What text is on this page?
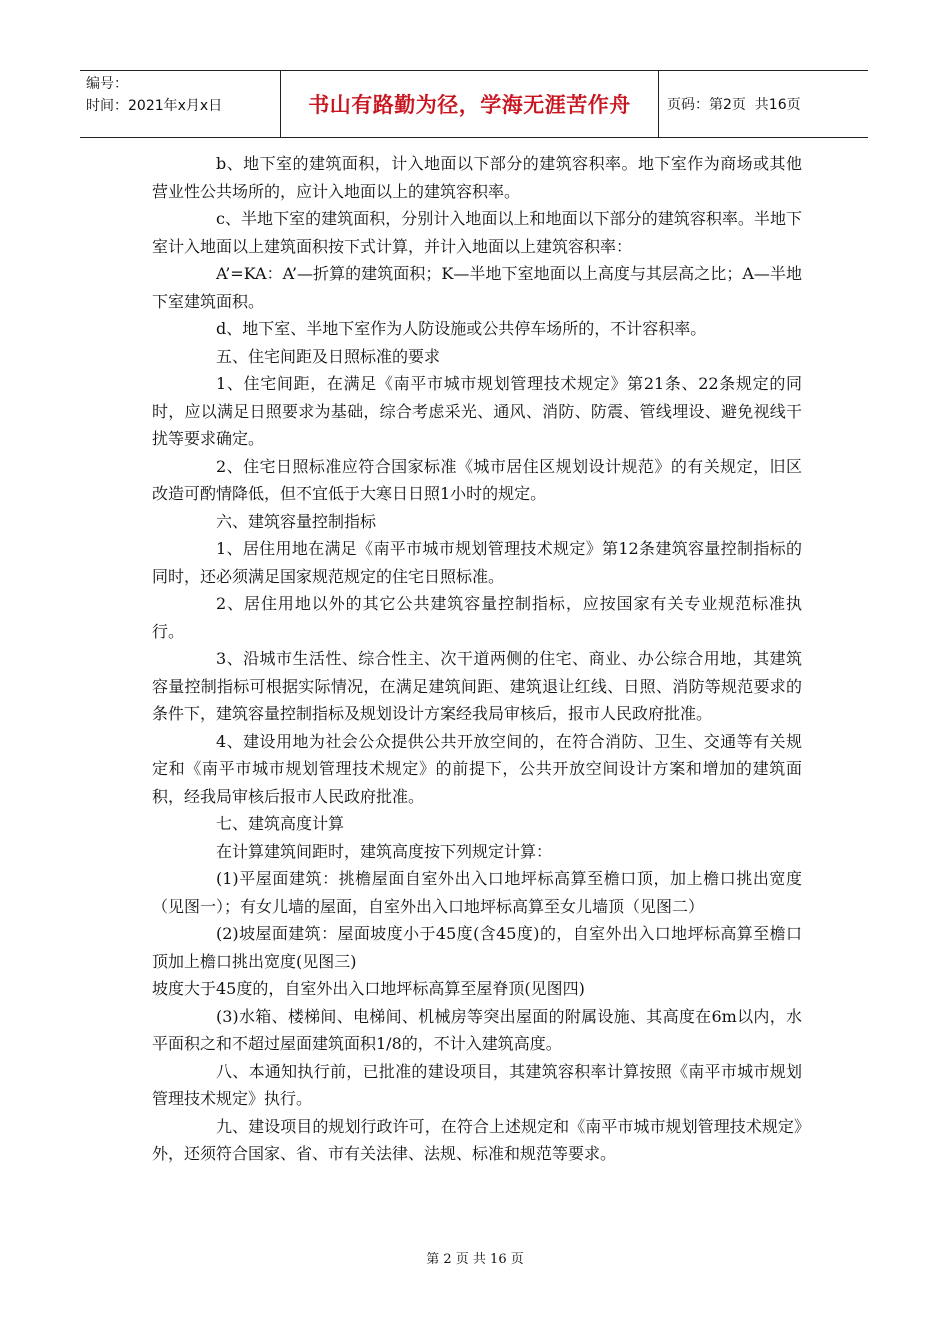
编号：
时间：2021年x月x日	书山有路勤为径，学海无涯苦作舟	页码：第2页  共16页

b、地下室的建筑面积，计入地面以下部分的建筑容积率。地下室作为商场或其他营业性公共场所的，应计入地面以上的建筑容积率。

c、半地下室的建筑面积，分别计入地面以上和地面以下部分的建筑容积率。半地下室计入地面以上建筑面积按下式计算，并计入地面以上建筑容积率：

A’=KA：A’—折算的建筑面积；K—半地下室地面以上高度与其层高之比；A—半地下室建筑面积。

d、地下室、半地下室作为人防设施或公共停车场所的，不计容积率。

五、住宅间距及日照标准的要求

1、住宅间距，在满足《南平市城市规划管理技术规定》第21条、22条规定的同时，应以满足日照要求为基础，综合考虑采光、通风、消防、防震、管线埋设、避免视线干扰等要求确定。

2、住宅日照标准应符合国家标准《城市居住区规划设计规范》的有关规定，旧区改造可酌情降低，但不宜低于大寒日日照1小时的规定。

六、建筑容量控制指标

1、居住用地在满足《南平市城市规划管理技术规定》第12条建筑容量控制指标的同时，还必须满足国家规范规定的住宅日照标准。

2、居住用地以外的其它公共建筑容量控制指标，应按国家有关专业规范标准执行。

3、沿城市生活性、综合性主、次干道两侧的住宅、商业、办公综合用地，其建筑容量控制指标可根据实际情况，在满足建筑间距、建筑退让红线、日照、消防等规范要求的条件下，建筑容量控制指标及规划设计方案经我局审核后，报市人民政府批准。

4、建设用地为社会公众提供公共开放空间的，在符合消防、卫生、交通等有关规定和《南平市城市规划管理技术规定》的前提下，公共开放空间设计方案和增加的建筑面积，经我局审核后报市人民政府批准。

七、建筑高度计算

在计算建筑间距时，建筑高度按下列规定计算：

(1)平屋面建筑：挑檐屋面自室外出入口地坪标高算至檐口顶，加上檐口挑出宽度（见图一）；有女儿墙的屋面，自室外出入口地坪标高算至女儿墙顶（见图二）

(2)坡屋面建筑：屋面坡度小于45度(含45度)的，自室外出入口地坪标高算至檐口顶加上檐口挑出宽度(见图三)

坡度大于45度的，自室外出入口地坪标高算至屋脊顶(见图四)

(3)水箱、楼梯间、电梯间、机械房等突出屋面的附属设施、其高度在6m以内，水平面积之和不超过屋面建筑面积1/8的，不计入建筑高度。

八、本通知执行前，已批准的建设项目，其建筑容积率计算按照《南平市城市规划管理技术规定》执行。

九、建设项目的规划行政许可，在符合上述规定和《南平市城市规划管理技术规定》外，还须符合国家、省、市有关法律、法规、标准和规范等要求。

第 2 页 共 16 页
